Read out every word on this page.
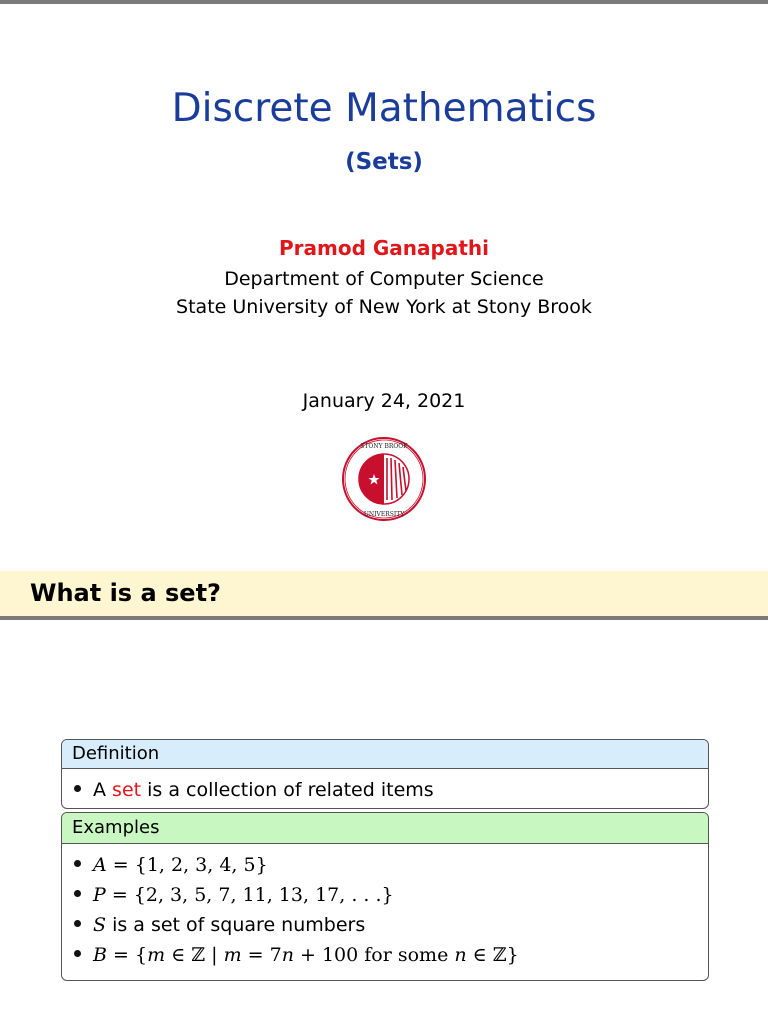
Discrete Mathematics
(Sets)
Pramod Ganapathi
Department of Computer Science
State University of New York at Stony Brook
January 24, 2021
STONY BROOK
UNIVERSITY
What is a set?
Definition
A set is a collection of related items
Examples
A = {1, 2, 3, 4, 5}
P = {2, 3, 5, 7, 11, 13, 17, . . .}
S is a set of square numbers
B = {m ∈ ℤ | m = 7n + 100 for some n ∈ ℤ}
